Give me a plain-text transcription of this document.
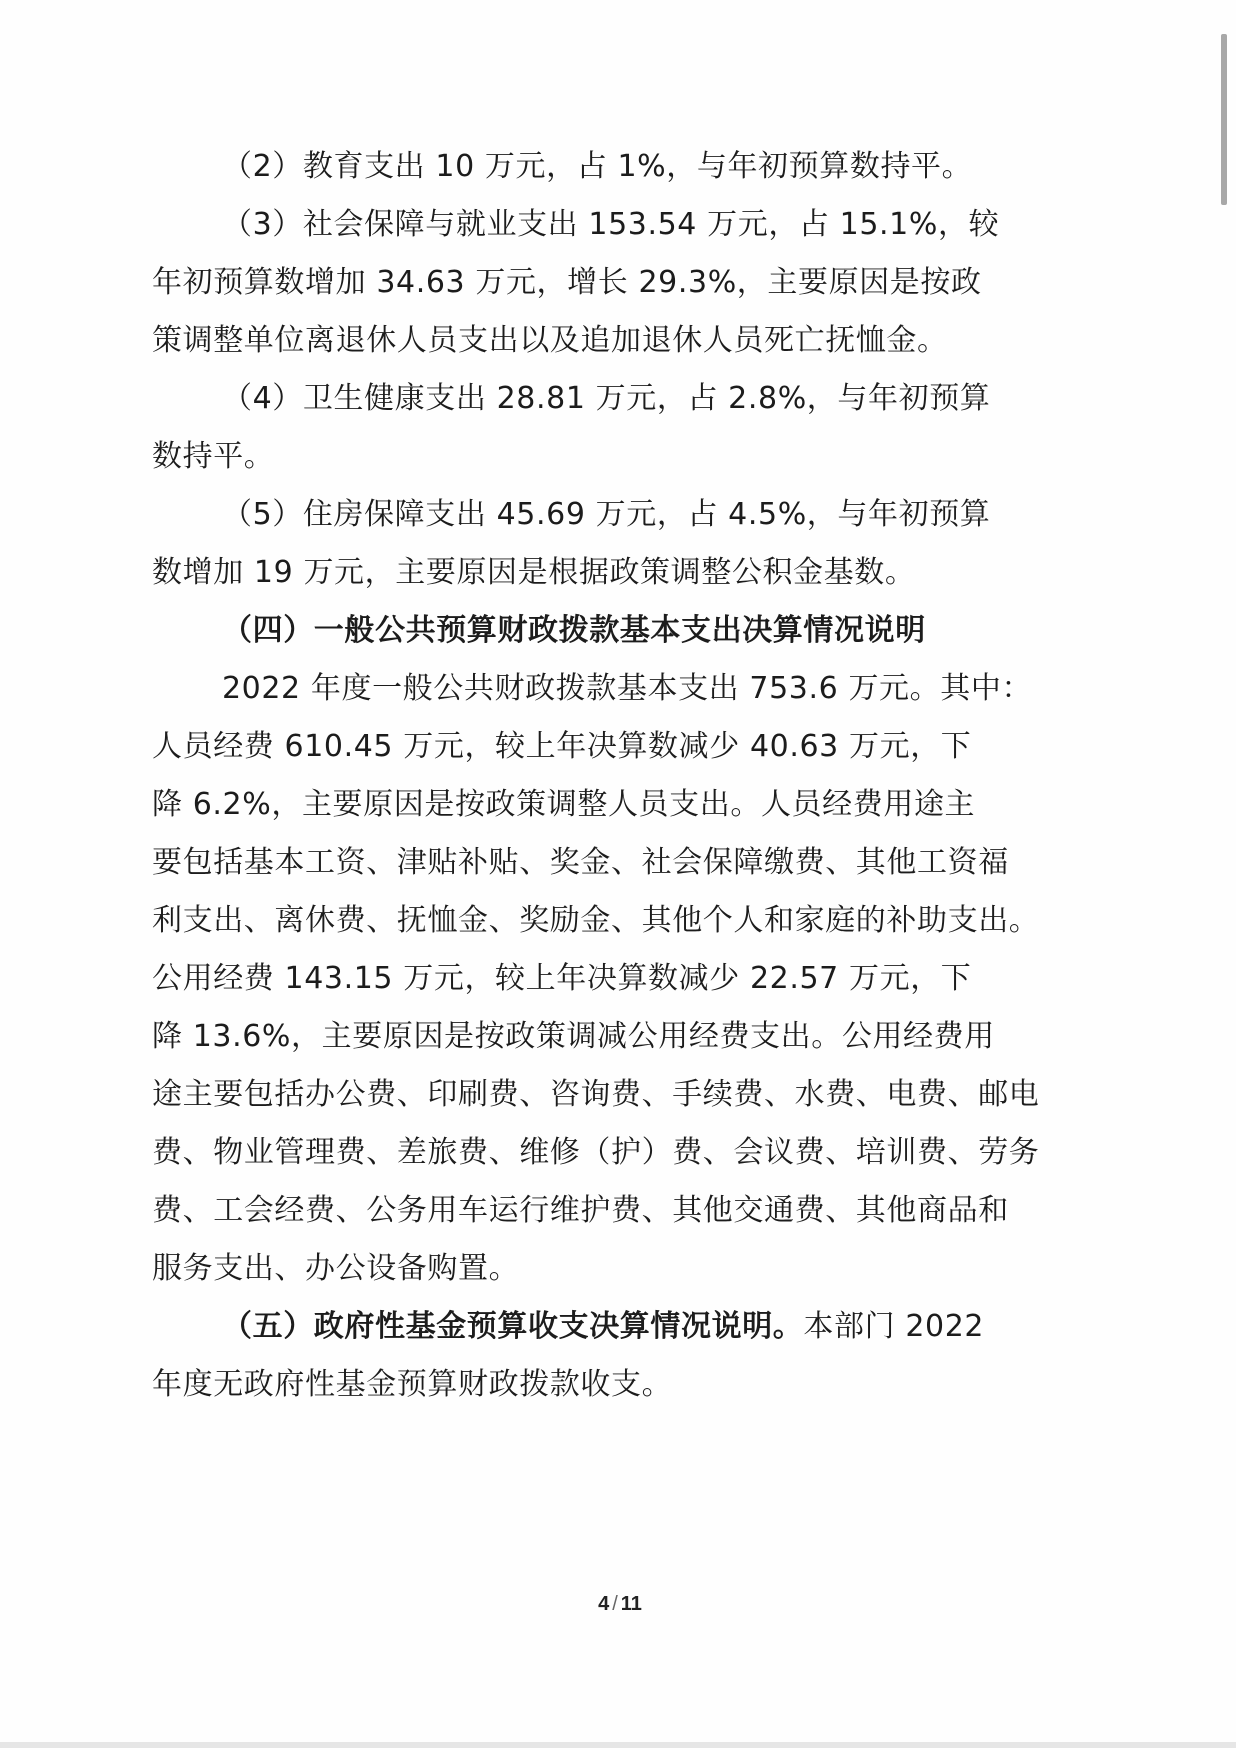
（2）教育支出 10 万元，占 1%，与年初预算数持平。
（3）社会保障与就业支出 153.54 万元，占 15.1%，较
年初预算数增加 34.63 万元，增长 29.3%，主要原因是按政
策调整单位离退休人员支出以及追加退休人员死亡抚恤金。
（4）卫生健康支出 28.81 万元，占 2.8%，与年初预算
数持平。
（5）住房保障支出 45.69 万元，占 4.5%，与年初预算
数增加 19 万元，主要原因是根据政策调整公积金基数。
（四）一般公共预算财政拨款基本支出决算情况说明
2022 年度一般公共财政拨款基本支出 753.6 万元。其中：
人员经费 610.45 万元，较上年决算数减少 40.63 万元，下
降 6.2%，主要原因是按政策调整人员支出。人员经费用途主
要包括基本工资、津贴补贴、奖金、社会保障缴费、其他工资福
利支出、离休费、抚恤金、奖励金、其他个人和家庭的补助支出。
公用经费 143.15 万元，较上年决算数减少 22.57 万元，下
降 13.6%，主要原因是按政策调减公用经费支出。公用经费用
途主要包括办公费、印刷费、咨询费、手续费、水费、电费、邮电
费、物业管理费、差旅费、维修（护）费、会议费、培训费、劳务
费、工会经费、公务用车运行维护费、其他交通费、其他商品和
服务支出、办公设备购置。
（五）政府性基金预算收支决算情况说明。本部门 2022
年度无政府性基金预算财政拨款收支。
4 / 11
